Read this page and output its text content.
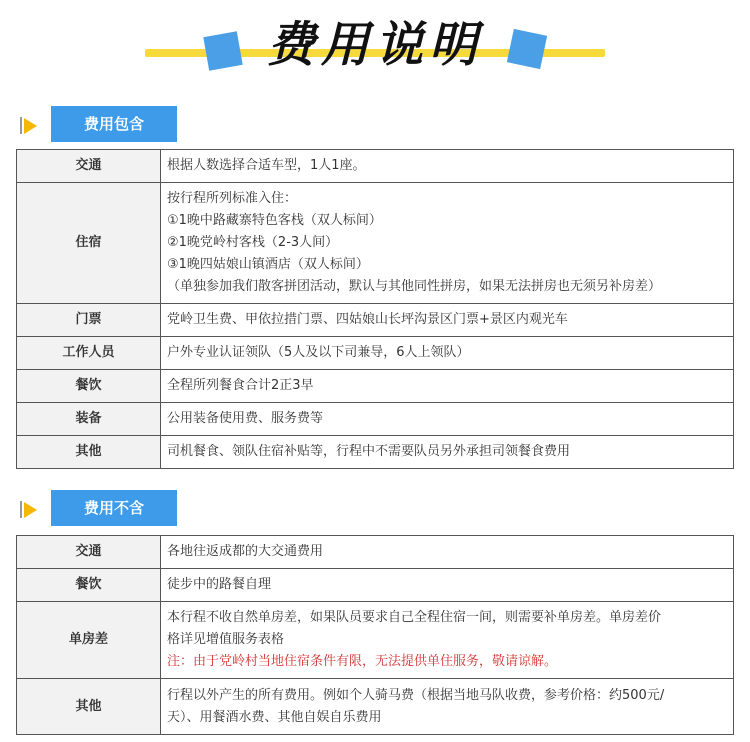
费用说明
费用包含
交通	根据人数选择合适车型，1人1座。

住宿	按行程所列标准入住：
①1晚中路藏寨特色客栈（双人标间）
②1晚党岭村客栈（2-3人间）
③1晚四姑娘山镇酒店（双人标间）
（单独参加我们散客拼团活动，默认与其他同性拼房，如果无法拼房也无须另补房差）

门票	党岭卫生费、甲依拉措门票、四姑娘山长坪沟景区门票+景区内观光车

工作人员	户外专业认证领队（5人及以下司兼导，6人上领队）

餐饮	全程所列餐食合计2正3早

装备	公用装备使用费、服务费等

其他	司机餐食、领队住宿补贴等，行程中不需要队员另外承担司领餐食费用
费用不含
交通	各地往返成都的大交通费用

餐饮	徒步中的路餐自理

单房差	本行程不收自然单房差，如果队员要求自己全程住宿一间，则需要补单房差。单房差价
格详见增值服务表格
注：由于党岭村当地住宿条件有限，无法提供单住服务，敬请谅解。

其他	行程以外产生的所有费用。例如个人骑马费（根据当地马队收费，参考价格：约500元/
天）、用餐酒水费、其他自娱自乐费用
